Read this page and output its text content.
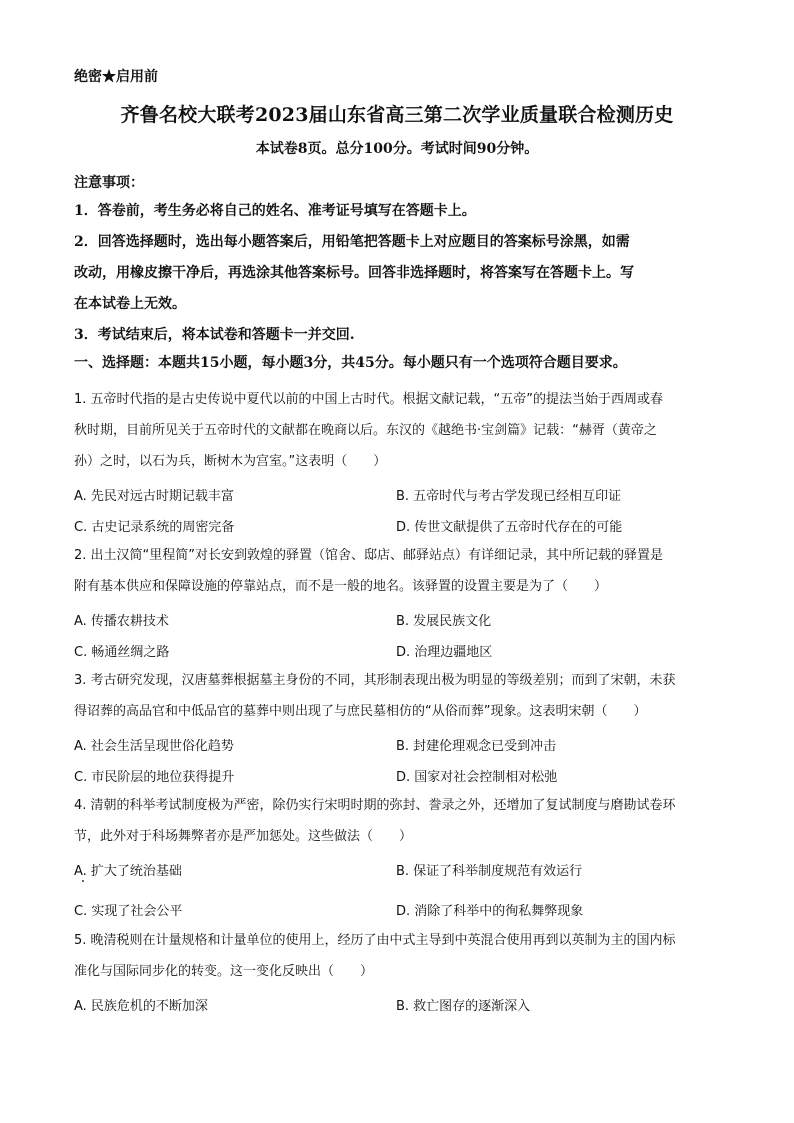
绝密★启用前
齐鲁名校大联考2023届山东省高三第二次学业质量联合检测历史
本试卷8页。总分100分。考试时间90分钟。
注意事项：
1．答卷前，考生务必将自己的姓名、准考证号填写在答题卡上。
2．回答选择题时，选出每小题答案后，用铅笔把答题卡上对应题目的答案标号涂黑，如需
改动，用橡皮擦干净后，再选涂其他答案标号。回答非选择题时，将答案写在答题卡上。写
在本试卷上无效。
3．考试结束后，将本试卷和答题卡一并交回.
一、选择题：本题共15小题，每小题3分，共45分。每小题只有一个选项符合题目要求。
1. 五帝时代指的是古史传说中夏代以前的中国上古时代。根据文献记载，“五帝”的提法当始于西周或春
秋时期，目前所见关于五帝时代的文献都在晚商以后。东汉的《越绝书·宝剑篇》记载：“赫胥（黄帝之
孙）之时，以石为兵，断树木为宫室。”这表明（　　）
A. 先民对远古时期记载丰富	B. 五帝时代与考古学发现已经相互印证
C. 古史记录系统的周密完备	D. 传世文献提供了五帝时代存在的可能
2. 出土汉简“里程简”对长安到敦煌的驿置（馆舍、邸店、邮驿站点）有详细记录，其中所记载的驿置是
附有基本供应和保障设施的停靠站点，而不是一般的地名。该驿置的设置主要是为了（　　）
A. 传播农耕技术	B. 发展民族文化
C. 畅通丝绸之路	D. 治理边疆地区
3. 考古研究发现，汉唐墓葬根据墓主身份的不同，其形制表现出极为明显的等级差别；而到了宋朝，未获
得诏葬的高品官和中低品官的墓葬中则出现了与庶民墓相仿的“从俗而葬”现象。这表明宋朝（　　）
A. 社会生活呈现世俗化趋势	B. 封建伦理观念已受到冲击
C. 市民阶层的地位获得提升	D. 国家对社会控制相对松弛
4. 清朝的科举考试制度极为严密，除仍实行宋明时期的弥封、誊录之外，还增加了复试制度与磨勘试卷环
节，此外对于科场舞弊者亦是严加惩处。这些做法（　　）
A. 扩大了统治基础	B. 保证了科举制度规范有效运行
C. 实现了社会公平	D. 消除了科举中的徇私舞弊现象
5. 晚清税则在计量规格和计量单位的使用上，经历了由中式主导到中英混合使用再到以英制为主的国内标
准化与国际同步化的转变。这一变化反映出（　　）
A. 民族危机的不断加深	B. 救亡图存的逐渐深入
